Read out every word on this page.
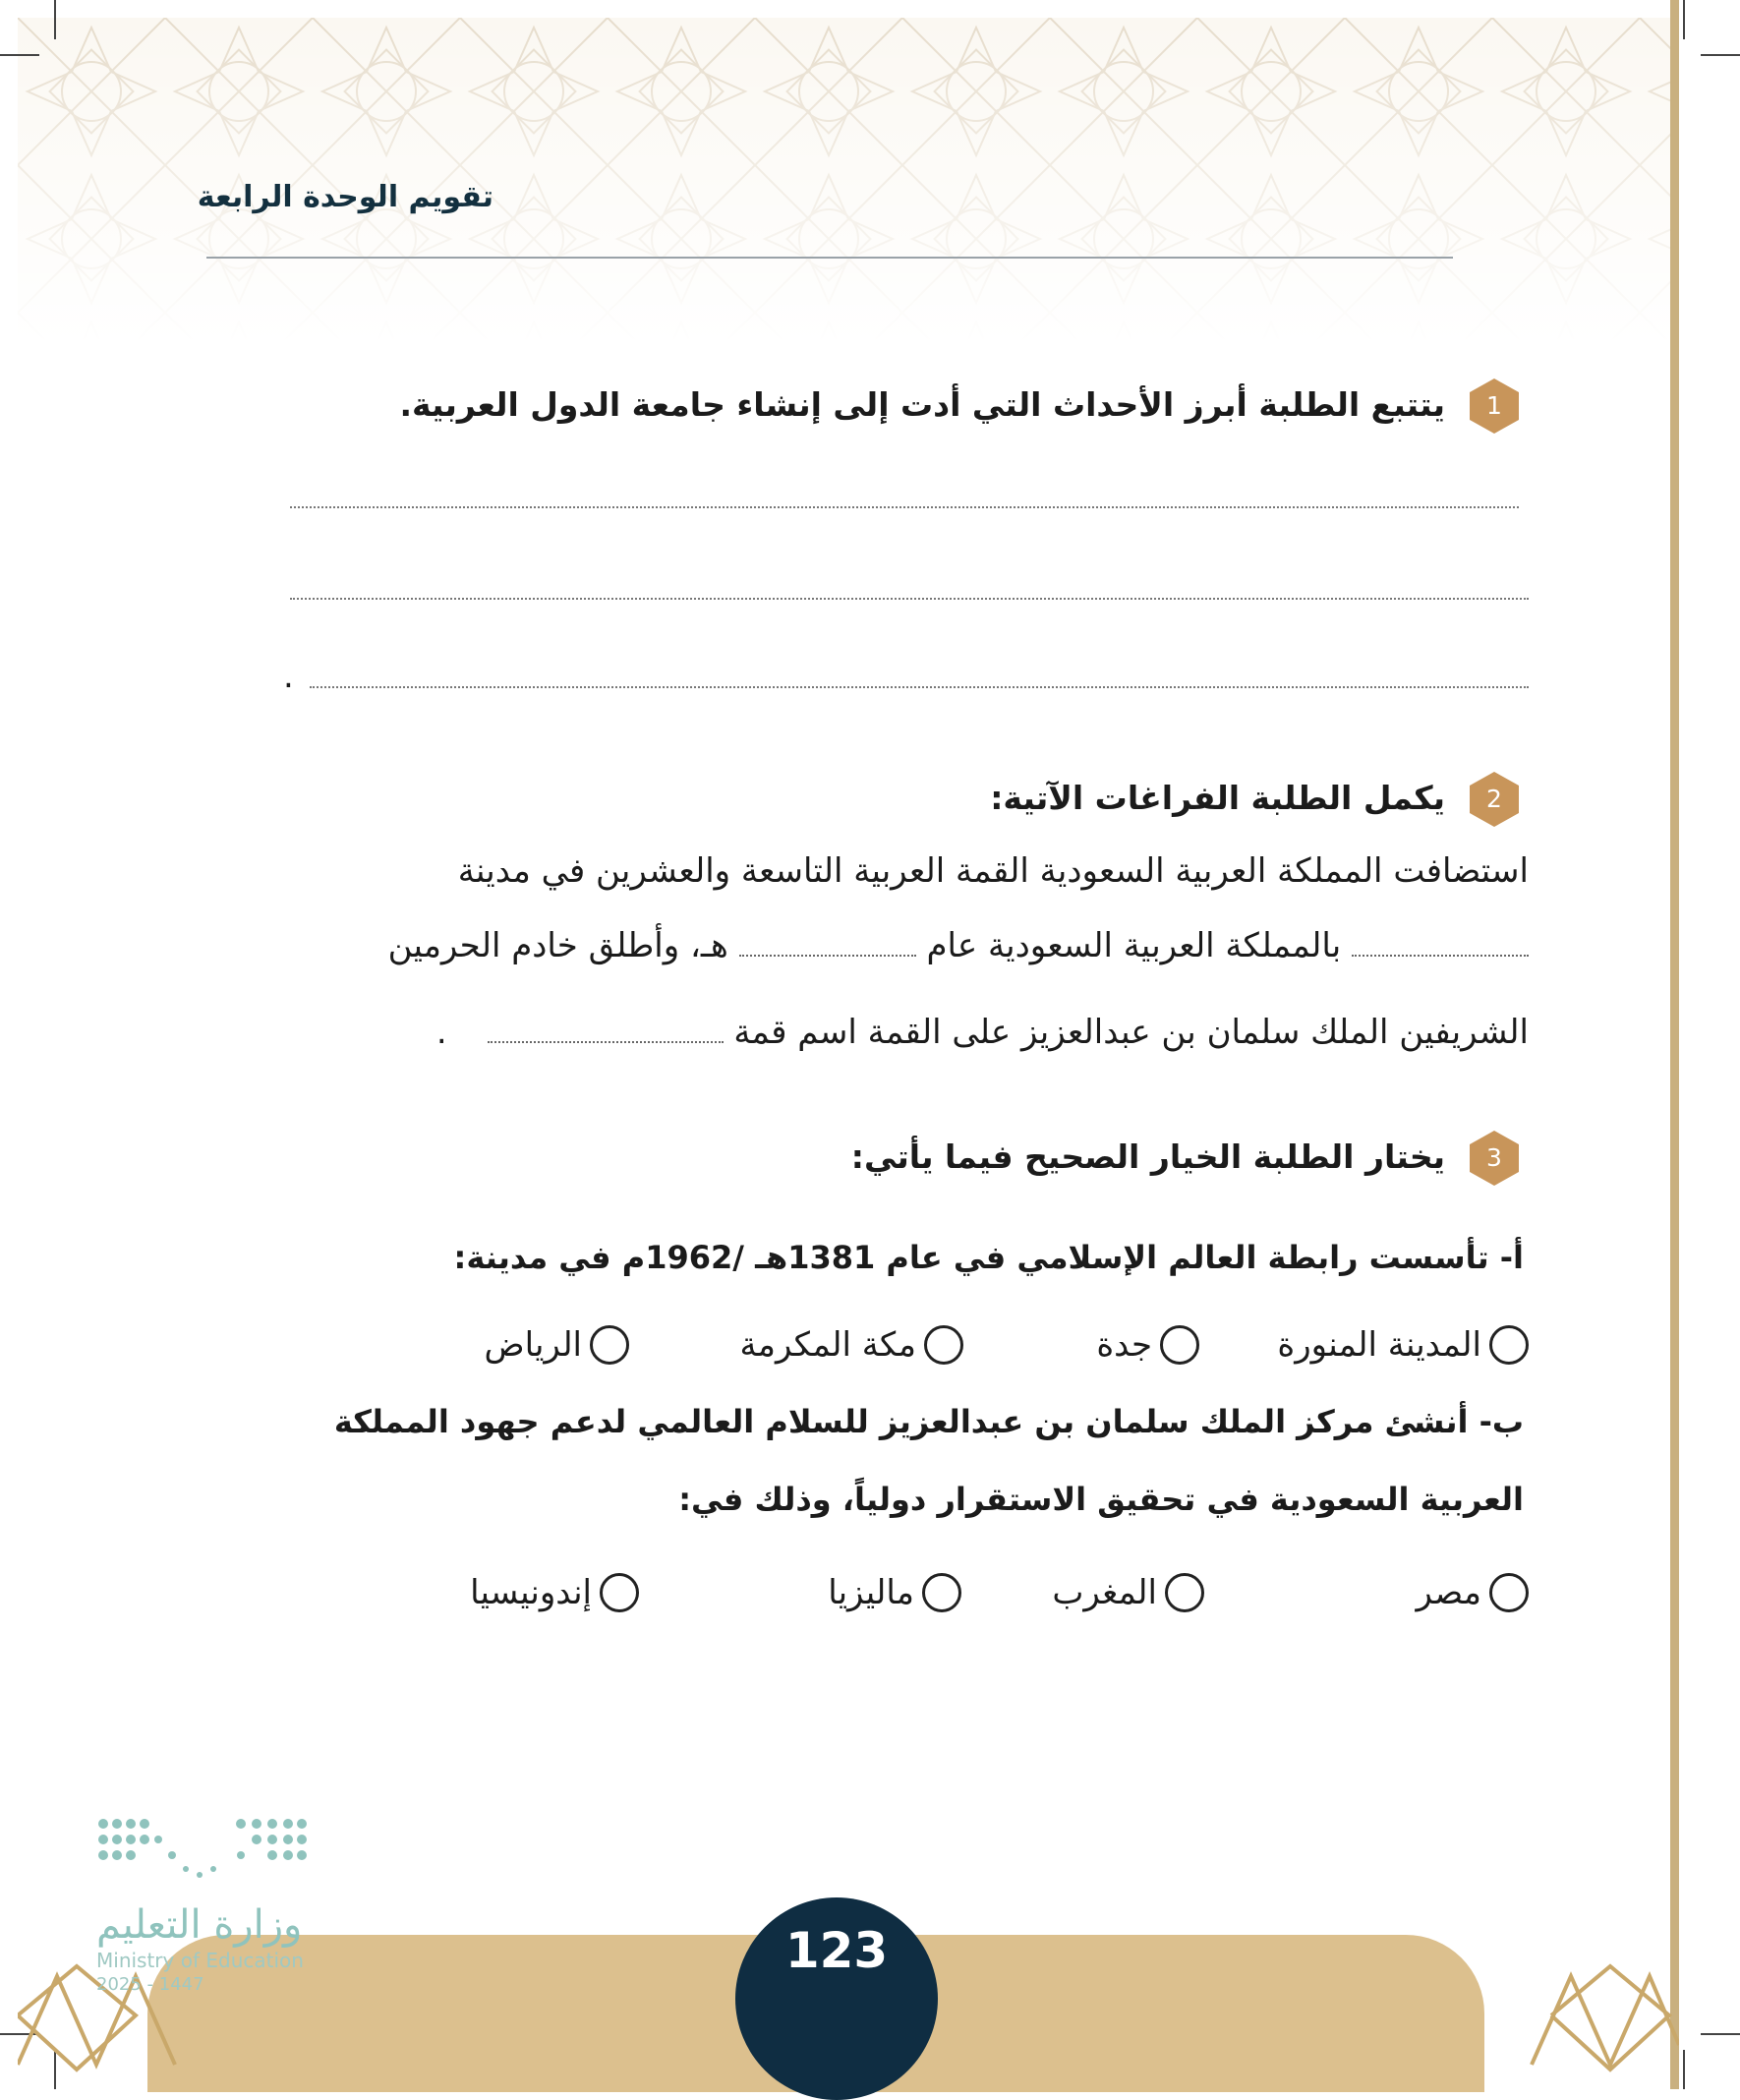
تقويم الوحدة الرابعة
1
يتتبع الطلبة أبرز الأحداث التي أدت إلى إنشاء جامعة الدول العربية.
.
2
يكمل الطلبة الفراغات الآتية:
استضافت المملكة العربية السعودية القمة العربية التاسعة والعشرين في مدينة
بالمملكة العربية السعودية عام  هـ، وأطلق خادم الحرمين
الشريفين الملك سلمان بن عبدالعزيز على القمة اسم قمة  .
3
يختار الطلبة الخيار الصحيح فيما يأتي:
أ- تأسست رابطة العالم الإسلامي في عام 1381هـ /1962م في مدينة:
المدينة المنورة
جدة
مكة المكرمة
الرياض
ب- أنشئ مركز الملك سلمان بن عبدالعزيز للسلام العالمي لدعم جهود المملكة
العربية السعودية في تحقيق الاستقرار دولياً، وذلك في:
مصر
المغرب
ماليزيا
إندونيسيا
123
وزارة التعليم
Ministry of Education
2025 - 1447
